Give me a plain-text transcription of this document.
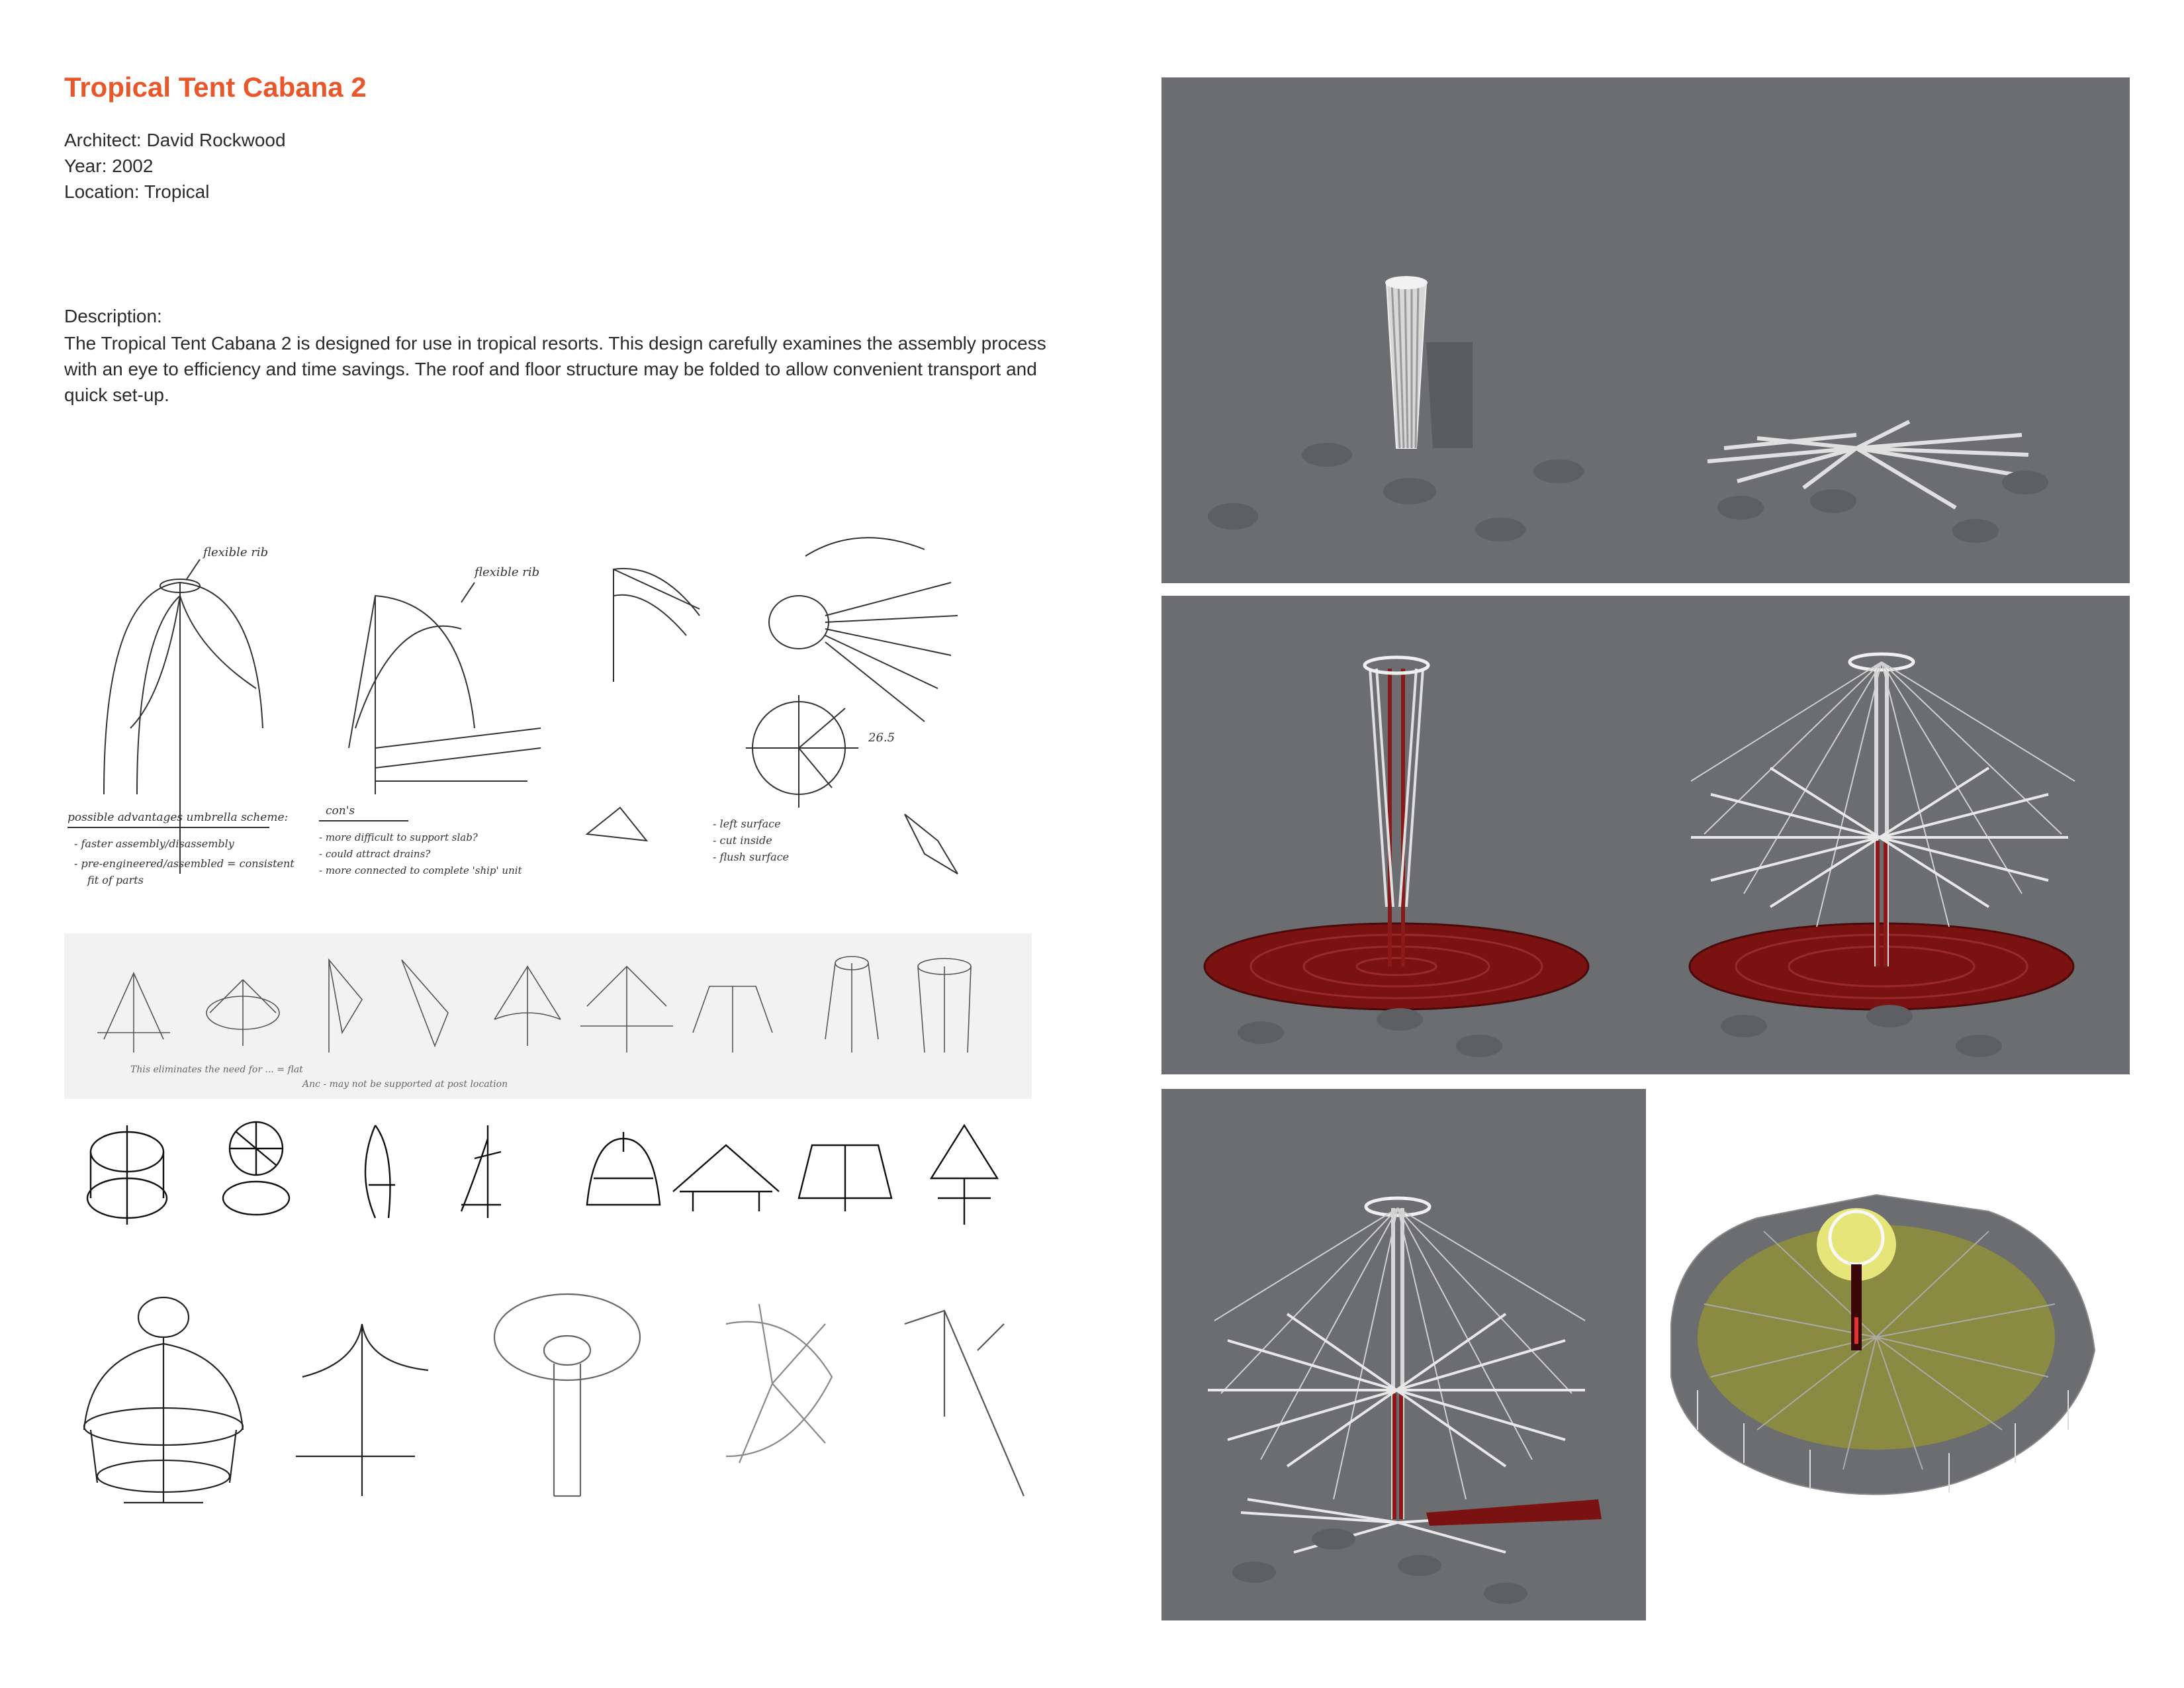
Tropical Tent Cabana 2
Architect: David Rockwood
Year: 2002
Location: Tropical
Description:
The Tropical Tent Cabana 2 is designed for use in tropical resorts. This design carefully examines the assembly process with an eye to efficiency and time savings. The roof and floor structure may be folded to allow convenient transport and quick set-up.
flexible rib
flexible rib
26.5
possible advantages umbrella scheme:
- faster assembly/disassembly
- pre-engineered/assembled = consistent
fit of parts
con's
- more difficult to support slab?
- could attract drains?
- more connected to complete 'ship' unit
- left surface
- cut inside
- flush surface
This eliminates the need for ... = flat
Anc - may not be supported at post location
